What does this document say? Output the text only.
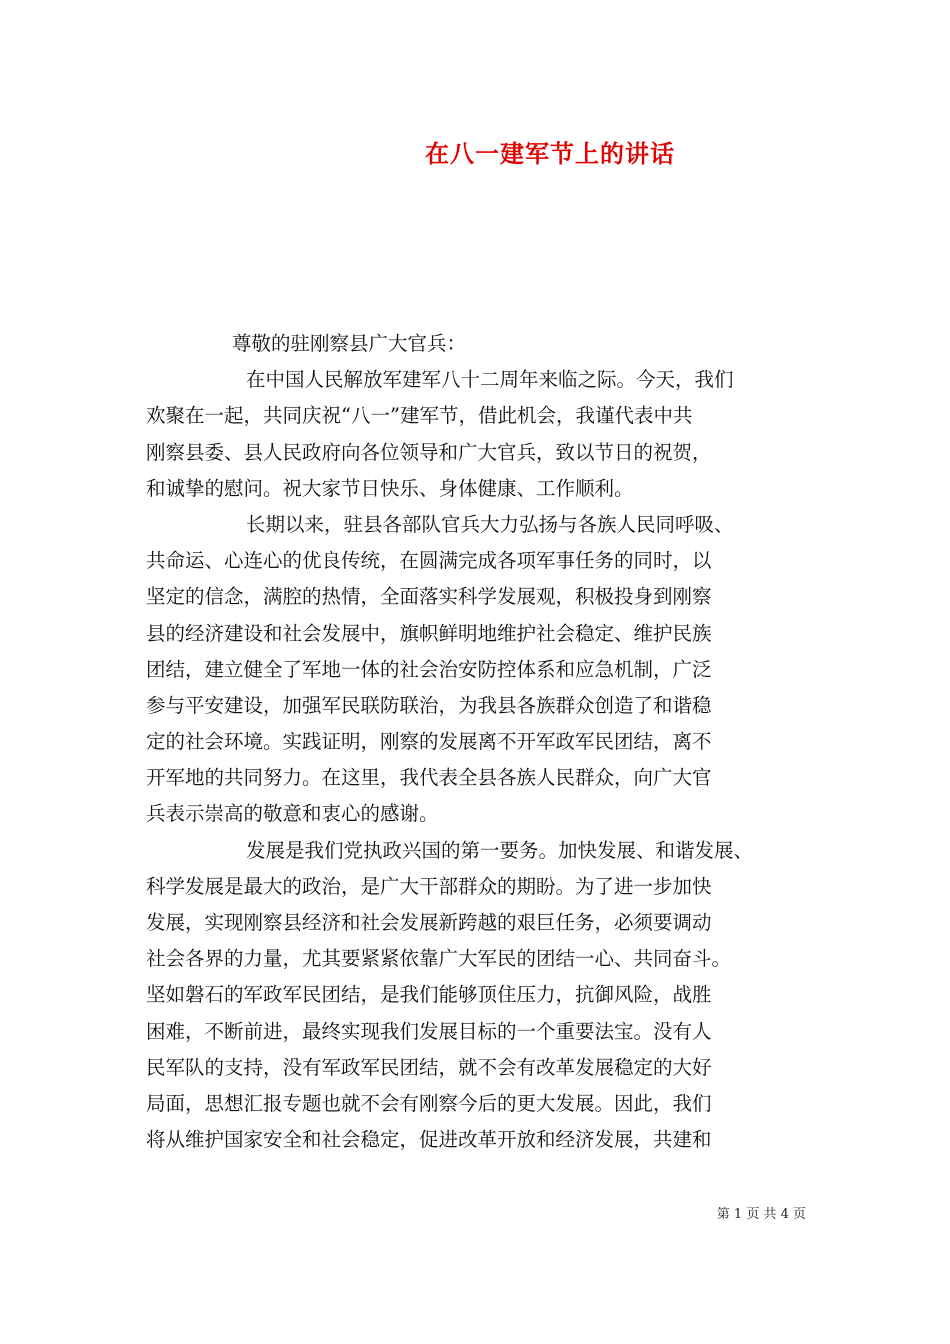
在八一建军节上的讲话
尊敬的驻刚察县广大官兵：
在中国人民解放军建军八十二周年来临之际。今天，我们
欢聚在一起，共同庆祝“八一”建军节，借此机会，我谨代表中共
刚察县委、县人民政府向各位领导和广大官兵，致以节日的祝贺，
和诚挚的慰问。祝大家节日快乐、身体健康、工作顺利。
长期以来，驻县各部队官兵大力弘扬与各族人民同呼吸、
共命运、心连心的优良传统，在圆满完成各项军事任务的同时，以
坚定的信念，满腔的热情，全面落实科学发展观，积极投身到刚察
县的经济建设和社会发展中，旗帜鲜明地维护社会稳定、维护民族
团结，建立健全了军地一体的社会治安防控体系和应急机制，广泛
参与平安建设，加强军民联防联治，为我县各族群众创造了和谐稳
定的社会环境。实践证明，刚察的发展离不开军政军民团结，离不
开军地的共同努力。在这里，我代表全县各族人民群众，向广大官
兵表示崇高的敬意和衷心的感谢。
发展是我们党执政兴国的第一要务。加快发展、和谐发展、
科学发展是最大的政治，是广大干部群众的期盼。为了进一步加快
发展，实现刚察县经济和社会发展新跨越的艰巨任务，必须要调动
社会各界的力量，尤其要紧紧依靠广大军民的团结一心、共同奋斗。
坚如磐石的军政军民团结，是我们能够顶住压力，抗御风险，战胜
困难，不断前进，最终实现我们发展目标的一个重要法宝。没有人
民军队的支持，没有军政军民团结，就不会有改革发展稳定的大好
局面，思想汇报专题也就不会有刚察今后的更大发展。因此，我们
将从维护国家安全和社会稳定，促进改革开放和经济发展，共建和
第 1 页 共 4 页
